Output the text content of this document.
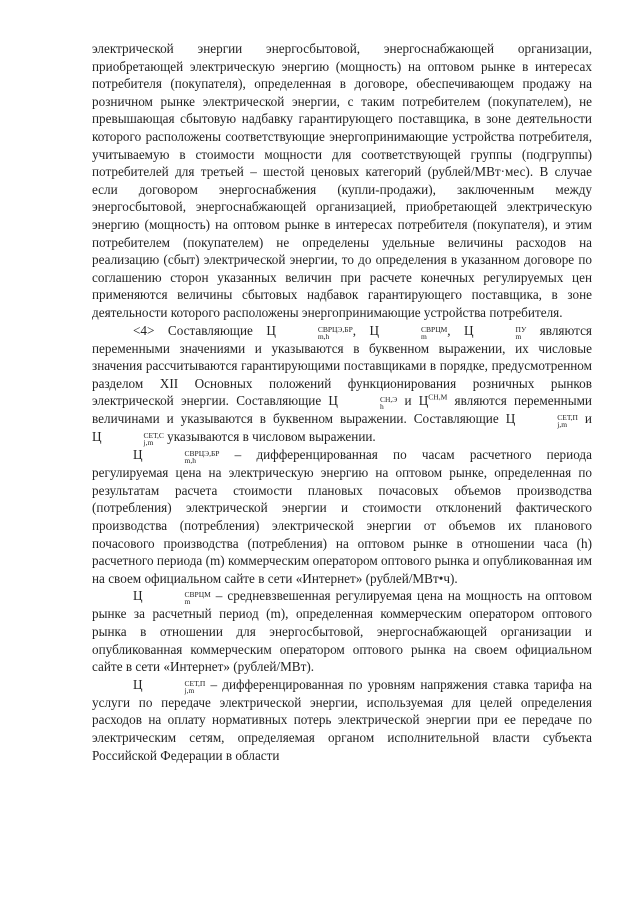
электрической энергии энергосбытовой, энергоснабжающей организации, приобретающей электрическую энергию (мощность) на оптовом рынке в интересах потребителя (покупателя), определенная в договоре, обеспечивающем продажу на розничном рынке электрической энергии, с таким потребителем (покупателем), не превышающая сбытовую надбавку гарантирующего поставщика, в зоне деятельности которого расположены соответствующие энергопринимающие устройства потребителя, учитываемую в стоимости мощности для соответствующей группы (подгруппы) потребителей для третьей – шестой ценовых категорий (рублей/МВт·мес). В случае если договором энергоснабжения (купли-продажи), заключенным между энергосбытовой, энергоснабжающей организацией, приобретающей электрическую энергию (мощность) на оптовом рынке в интересах потребителя (покупателя), и этим потребителем (покупателем) не определены удельные величины расходов на реализацию (сбыт) электрической энергии, то до определения в указанном договоре по соглашению сторон указанных величин при расчете конечных регулируемых цен применяются величины сбытовых надбавок гарантирующего поставщика, в зоне деятельности которого расположены энергопринимающие устройства потребителя.

<4> Составляющие Ц	СВРЦЭ,БР
m,h	, Ц	СВРЦМ
m	, Ц	ПУ
m являются переменными значениями и указываются в буквенном выражении, их числовые значения рассчитываются гарантирующими поставщиками в порядке, предусмотренном разделом XII Основных положений функционирования розничных рынков электрической энергии. Составляющие Ц	СН,Э
h	и $Ц^{СН,М}$ являются переменными величинами и указываются в буквенном выражении. Составляющие Ц	СЕТ,П
j,m и Ц	СЕТ,С
j,m указываются в числовом выражении.

Ц	СВРЦЭ,БР
m,h	– дифференцированная по часам расчетного периода регулируемая цена на электрическую энергию на оптовом рынке, определенная по результатам расчета стоимости плановых почасовых объемов производства (потребления) электрической энергии и стоимости отклонений фактического производства (потребления) электрической энергии от объемов их планового почасового производства (потребления) на оптовом рынке в отношении часа (h) расчетного периода (m) коммерческим оператором оптового рынка и опубликованная им на своем официальном сайте в сети «Интернет» (рублей/МВт•ч).

Ц	СВРЦМ
m	– средневзвешенная регулируемая цена на мощность на оптовом рынке за расчетный период (m), определенная коммерческим оператором оптового рынка в отношении для энергосбытовой, энергоснабжающей организации и опубликованная коммерческим оператором оптового рынка на своем официальном сайте в сети «Интернет» (рублей/МВт).

Ц	СЕТ,П
j,m – дифференцированная по уровням напряжения ставка тарифа на услуги по передаче электрической энергии, используемая для целей определения расходов на оплату нормативных потерь электрической энергии при ее передаче по электрическим сетям, определяемая органом исполнительной власти субъекта Российской Федерации в области
